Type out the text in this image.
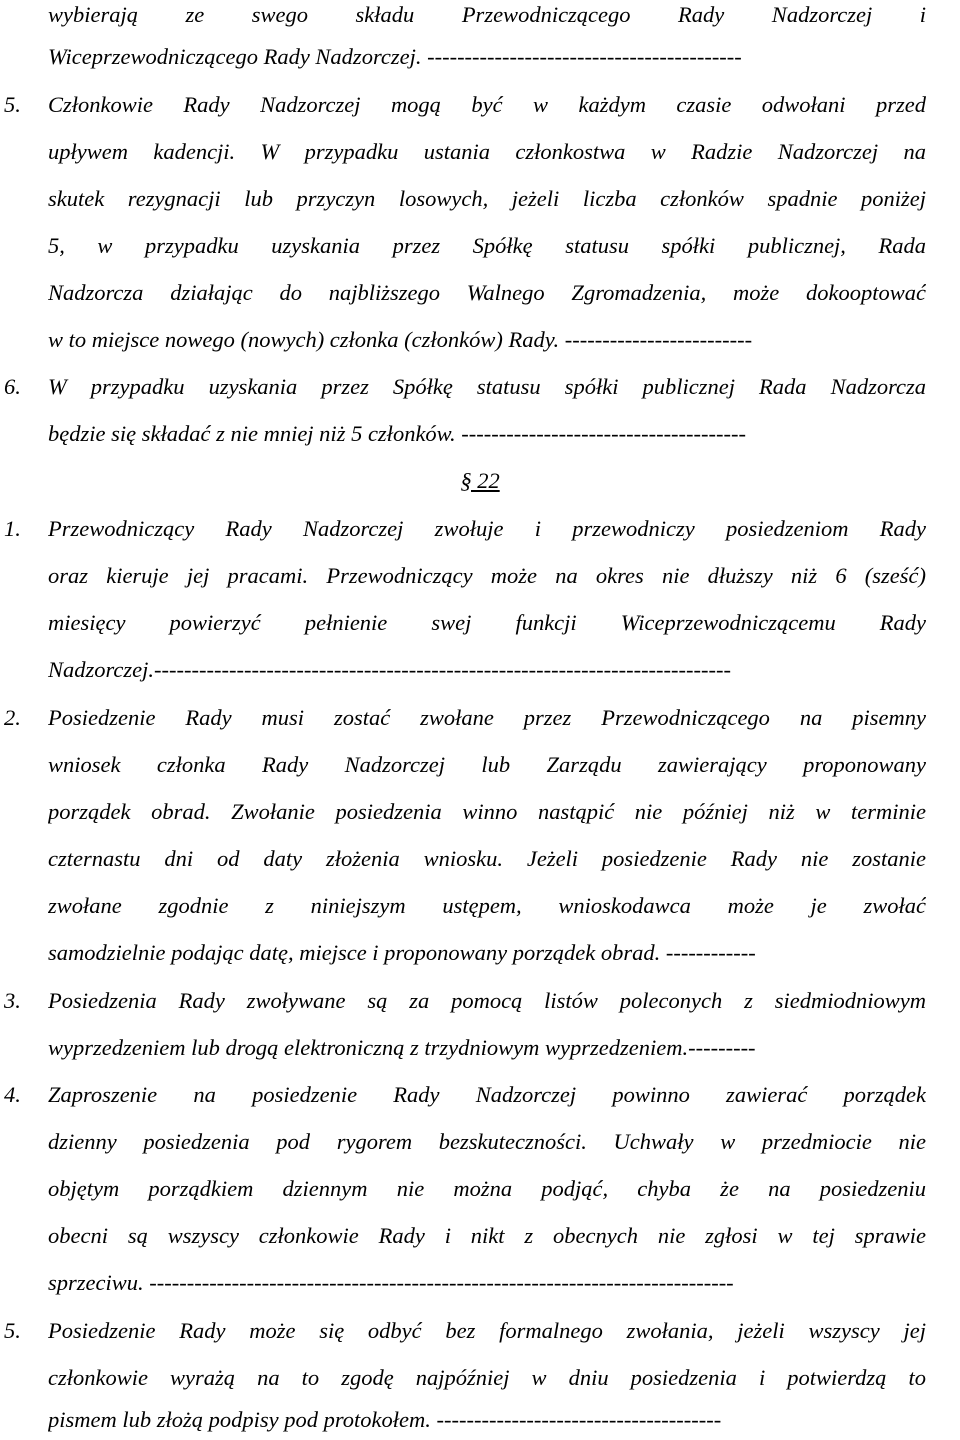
wybierają ze swego składu Przewodniczącego Rady Nadzorczej i
Wiceprzewodniczącego Rady Nadzorczej. ------------------------------------------
5.	Członkowie Rady Nadzorczej mogą być w każdym czasie odwołani przed
upływem kadencji. W przypadku ustania członkostwa w Radzie Nadzorczej na
skutek rezygnacji lub przyczyn losowych, jeżeli liczba członków spadnie poniżej
5, w przypadku uzyskania przez Spółkę statusu spółki publicznej, Rada
Nadzorcza działając do najbliższego Walnego Zgromadzenia, może dokooptować
w to miejsce nowego (nowych) członka (członków) Rady. -------------------------
6.	W przypadku uzyskania przez Spółkę statusu spółki publicznej Rada Nadzorcza
będzie się składać z nie mniej niż 5 członków. --------------------------------------
§ 22
1.	Przewodniczący Rady Nadzorczej zwołuje i przewodniczy posiedzeniom Rady
oraz kieruje jej pracami. Przewodniczący może na okres nie dłuższy niż 6 (sześć)
miesięcy powierzyć pełnienie swej funkcji Wiceprzewodniczącemu Rady
Nadzorczej.-----------------------------------------------------------------------------
2.	Posiedzenie Rady musi zostać zwołane przez Przewodniczącego na pisemny
wniosek członka Rady Nadzorczej lub Zarządu zawierający proponowany
porządek obrad. Zwołanie posiedzenia winno nastąpić nie później niż w terminie
czternastu dni od daty złożenia wniosku. Jeżeli posiedzenie Rady nie zostanie
zwołane zgodnie z niniejszym ustępem, wnioskodawca może je zwołać
samodzielnie podając datę, miejsce i proponowany porządek obrad. ------------
3.	Posiedzenia Rady zwoływane są za pomocą listów poleconych z siedmiodniowym
wyprzedzeniem lub drogą elektroniczną z trzydniowym wyprzedzeniem.---------
4.	Zaproszenie na posiedzenie Rady Nadzorczej powinno zawierać porządek
dzienny posiedzenia pod rygorem bezskuteczności. Uchwały w przedmiocie nie
objętym porządkiem dziennym nie można podjąć, chyba że na posiedzeniu
obecni są wszyscy członkowie Rady i nikt z obecnych nie zgłosi w tej sprawie
sprzeciwu. ------------------------------------------------------------------------------
5.	Posiedzenie Rady może się odbyć bez formalnego zwołania, jeżeli wszyscy jej
członkowie wyrażą na to zgodę najpóźniej w dniu posiedzenia i potwierdzą to
pismem lub złożą podpisy pod protokołem. --------------------------------------
